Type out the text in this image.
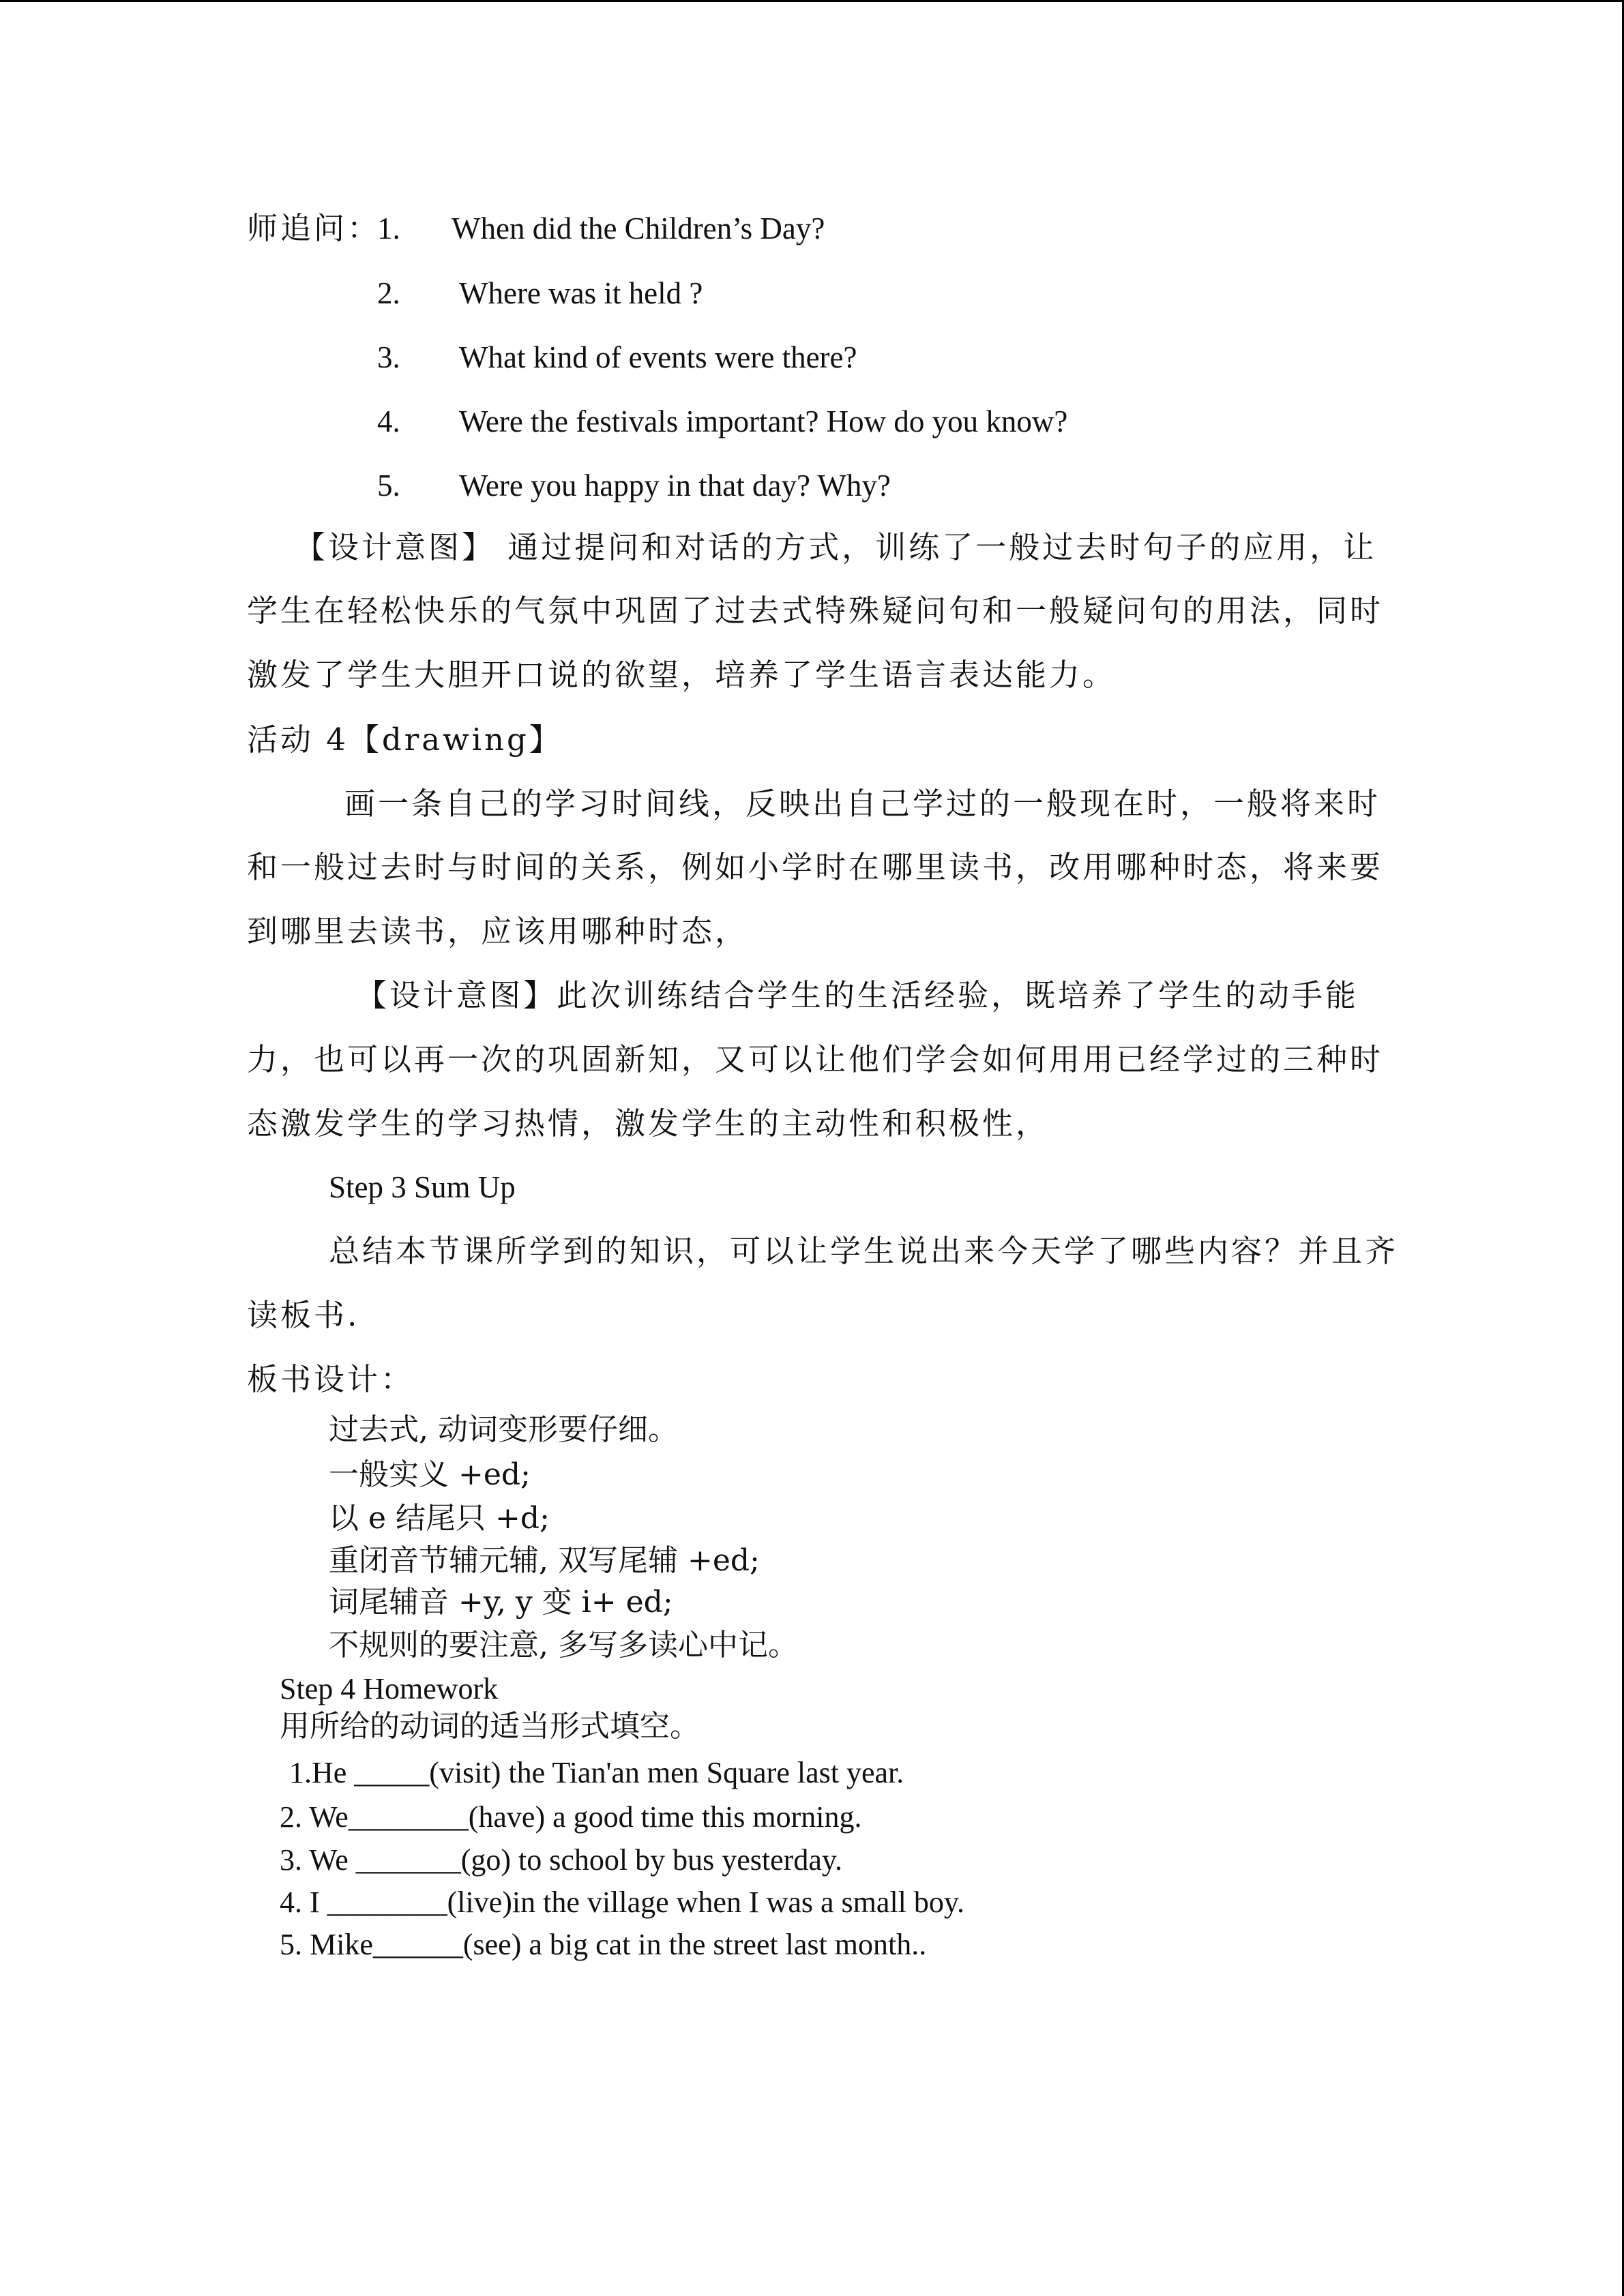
师追问：
1. When did the Children’s Day?
2. Where was it held ?
3. What kind of events were there?
4. Were the festivals important? How do you know?
5. Were you happy in that day? Why?
【设计意图】 通过提问和对话的方式，训练了一般过去时句子的应用，让
学生在轻松快乐的气氛中巩固了过去式特殊疑问句和一般疑问句的用法，同时
激发了学生大胆开口说的欲望，培养了学生语言表达能力。
活动 4【drawing】
画一条自己的学习时间线，反映出自己学过的一般现在时，一般将来时
和一般过去时与时间的关系，例如小学时在哪里读书，改用哪种时态，将来要
到哪里去读书，应该用哪种时态，
【设计意图】此次训练结合学生的生活经验，既培养了学生的动手能
力，也可以再一次的巩固新知，又可以让他们学会如何用用已经学过的三种时
态激发学生的学习热情，激发学生的主动性和积极性，
Step 3 Sum Up
总结本节课所学到的知识，可以让学生说出来今天学了哪些内容？并且齐
读板书.
板书设计：
过去式, 动词变形要仔细。
一般实义 +ed;
以 e 结尾只 +d;
重闭音节辅元辅, 双写尾辅 +ed;
词尾辅音 +y, y 变 i+ ed;
不规则的要注意, 多写多读心中记。
Step 4 Homework
用所给的动词的适当形式填空。
1.He _____(visit) the Tian'an men Square last year.
2. We________(have) a good time this morning.
3. We _______(go) to school by bus yesterday.
4. I ________(live)in the village when I was a small boy.
5. Mike______(see) a big cat in the street last month..
